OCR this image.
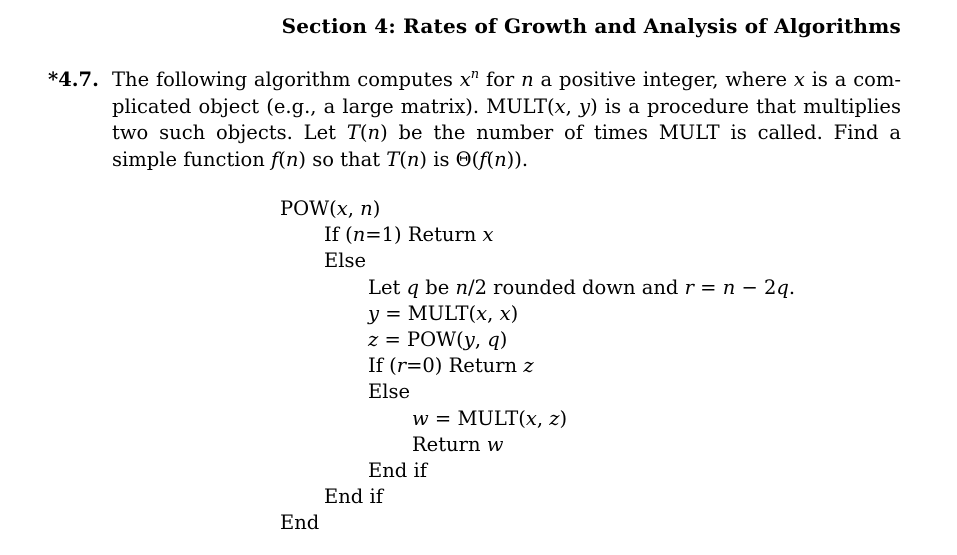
Section 4: Rates of Growth and Analysis of Algorithms
*4.7. The following algorithm computes $x^n$ for n a positive integer, where x is a com-plicated object (e.g., a large matrix). MULT(x, y) is a procedure that multiplies two such objects. Let T(n) be the number of times MULT is called. Find a simple function f(n) so that T(n) is Θ(f(n)).
POW(x, n)
If (n=1) Return x
Else
Let q be n/2 rounded down and r = n − 2q.
y = MULT(x, x)
z = POW(y, q)
If (r=0) Return z
Else
w = MULT(x, z)
Return w
End if
End if
End
